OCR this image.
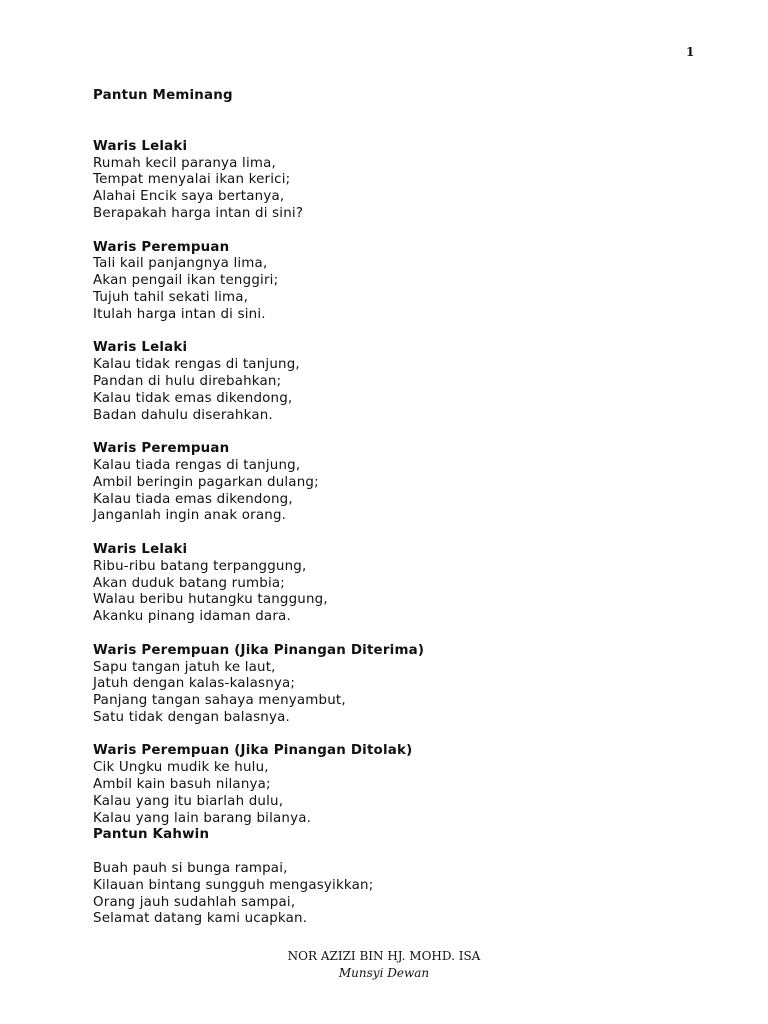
1
Pantun Meminang
Waris Lelaki
Rumah kecil paranya lima,
Tempat menyalai ikan kerici;
Alahai Encik saya bertanya,
Berapakah harga intan di sini?
Waris Perempuan
Tali kail panjangnya lima,
Akan pengail ikan tenggiri;
Tujuh tahil sekati lima,
Itulah harga intan di sini.
Waris Lelaki
Kalau tidak rengas di tanjung,
Pandan di hulu direbahkan;
Kalau tidak emas dikendong,
Badan dahulu diserahkan.
Waris Perempuan
Kalau tiada rengas di tanjung,
Ambil beringin pagarkan dulang;
Kalau tiada emas dikendong,
Janganlah ingin anak orang.
Waris Lelaki
Ribu-ribu batang terpanggung,
Akan duduk batang rumbia;
Walau beribu hutangku tanggung,
Akanku pinang idaman dara.
Waris Perempuan (Jika Pinangan Diterima)
Sapu tangan jatuh ke laut,
Jatuh dengan kalas-kalasnya;
Panjang tangan sahaya menyambut,
Satu tidak dengan balasnya.
Waris Perempuan (Jika Pinangan Ditolak)
Cik Ungku mudik ke hulu,
Ambil kain basuh nilanya;
Kalau yang itu biarlah dulu,
Kalau yang lain barang bilanya.
Pantun Kahwin
Buah pauh si bunga rampai,
Kilauan bintang sungguh mengasyikkan;
Orang jauh sudahlah sampai,
Selamat datang kami ucapkan.
NOR AZIZI BIN HJ. MOHD. ISA
Munsyi Dewan
